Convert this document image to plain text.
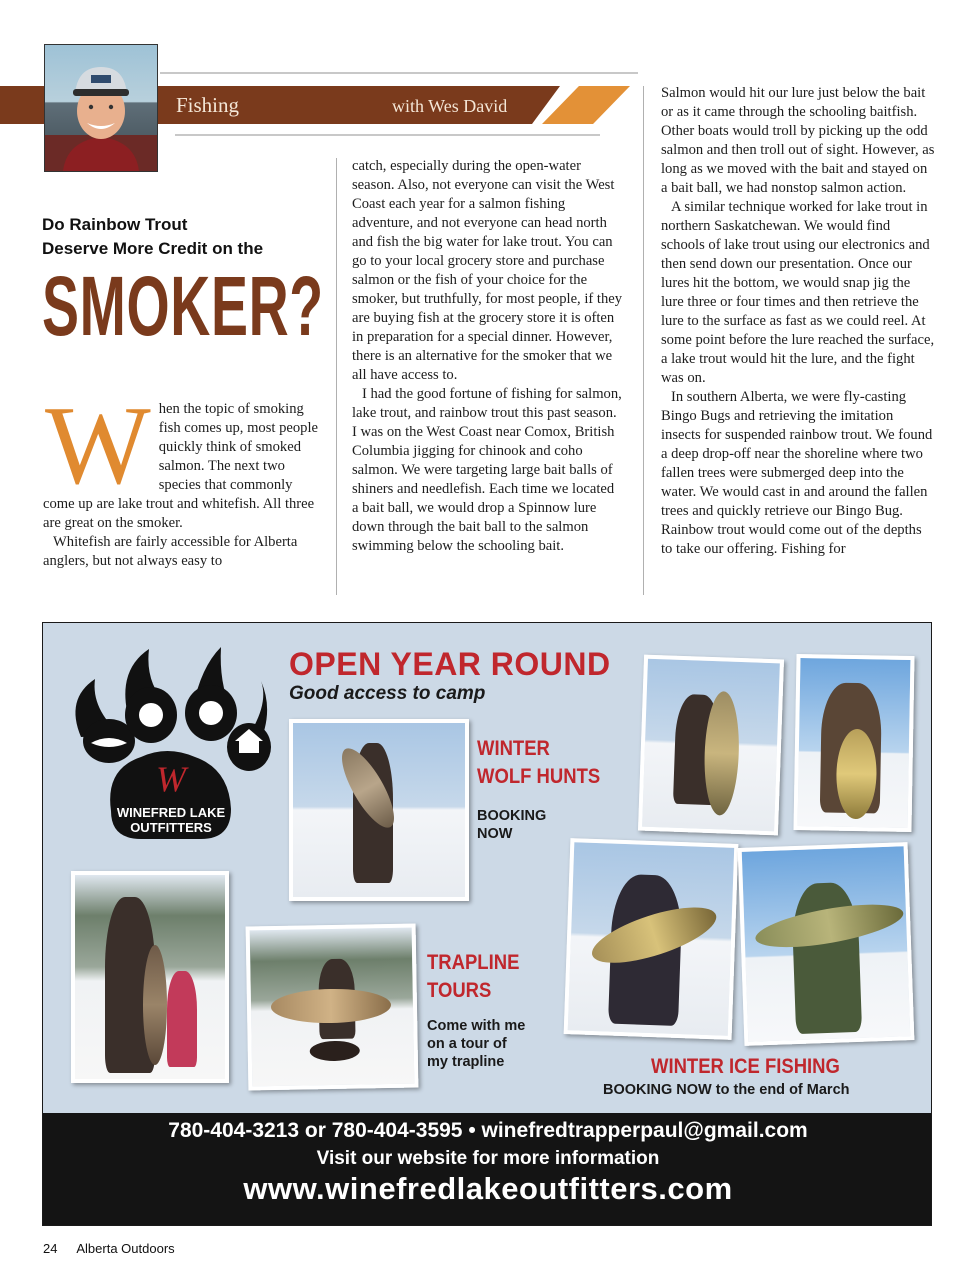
Fishing	with Wes David
Do Rainbow Trout
Deserve More Credit on the
SMOKER?
W hen the topic of smoking fish comes up, most people quickly think of smoked salmon. The next two species that commonly come up are lake trout and whitefish. All three are great on the smoker.

Whitefish are fairly accessible for Alberta anglers, but not always easy to

catch, especially during the open-water season. Also, not everyone can visit the West Coast each year for a salmon fishing adventure, and not everyone can head north and fish the big water for lake trout. You can go to your local grocery store and purchase salmon or the fish of your choice for the smoker, but truthfully, for most people, if they are buying fish at the grocery store it is often in preparation for a special dinner. However, there is an alternative for the smoker that we all have access to.

I had the good fortune of fishing for salmon, lake trout, and rainbow trout this past season. I was on the West Coast near Comox, British Columbia jigging for chinook and coho salmon. We were targeting large bait balls of shiners and needlefish. Each time we located a bait ball, we would drop a Spinnow lure down through the bait ball to the salmon swimming below the schooling bait.

Salmon would hit our lure just below the bait or as it came through the schooling baitfish. Other boats would troll by picking up the odd salmon and then troll out of sight. However, as long as we moved with the bait and stayed on a bait ball, we had nonstop salmon action.

A similar technique worked for lake trout in northern Saskatchewan. We would find schools of lake trout using our electronics and then send down our presentation. Once our lures hit the bottom, we would snap jig the lure three or four times and then retrieve the lure to the surface as fast as we could reel. At some point before the lure reached the surface, a lake trout would hit the lure, and the fight was on.

In southern Alberta, we were fly-casting Bingo Bugs and retrieving the imitation insects for suspended rainbow trout. We found a deep drop-off near the shoreline where two fallen trees were submerged deep into the water. We would cast in and around the fallen trees and quickly retrieve our Bingo Bug. Rainbow trout would come out of the depths to take our offering. Fishing for

W
WINEFRED LAKE
OUTFITTERS
OPEN YEAR ROUND
Good access to camp
WINTER
WOLF HUNTS
BOOKING
NOW
TRAPLINE
TOURS
Come with me
on a tour of
my trapline	WINTER ICE FISHING
BOOKING NOW to the end of March
780-404-3213 or 780-404-3595 • winefredtrapperpaul@gmail.com
Visit our website for more information
www.winefredlakeoutfitters.com
24 Alberta Outdoors
